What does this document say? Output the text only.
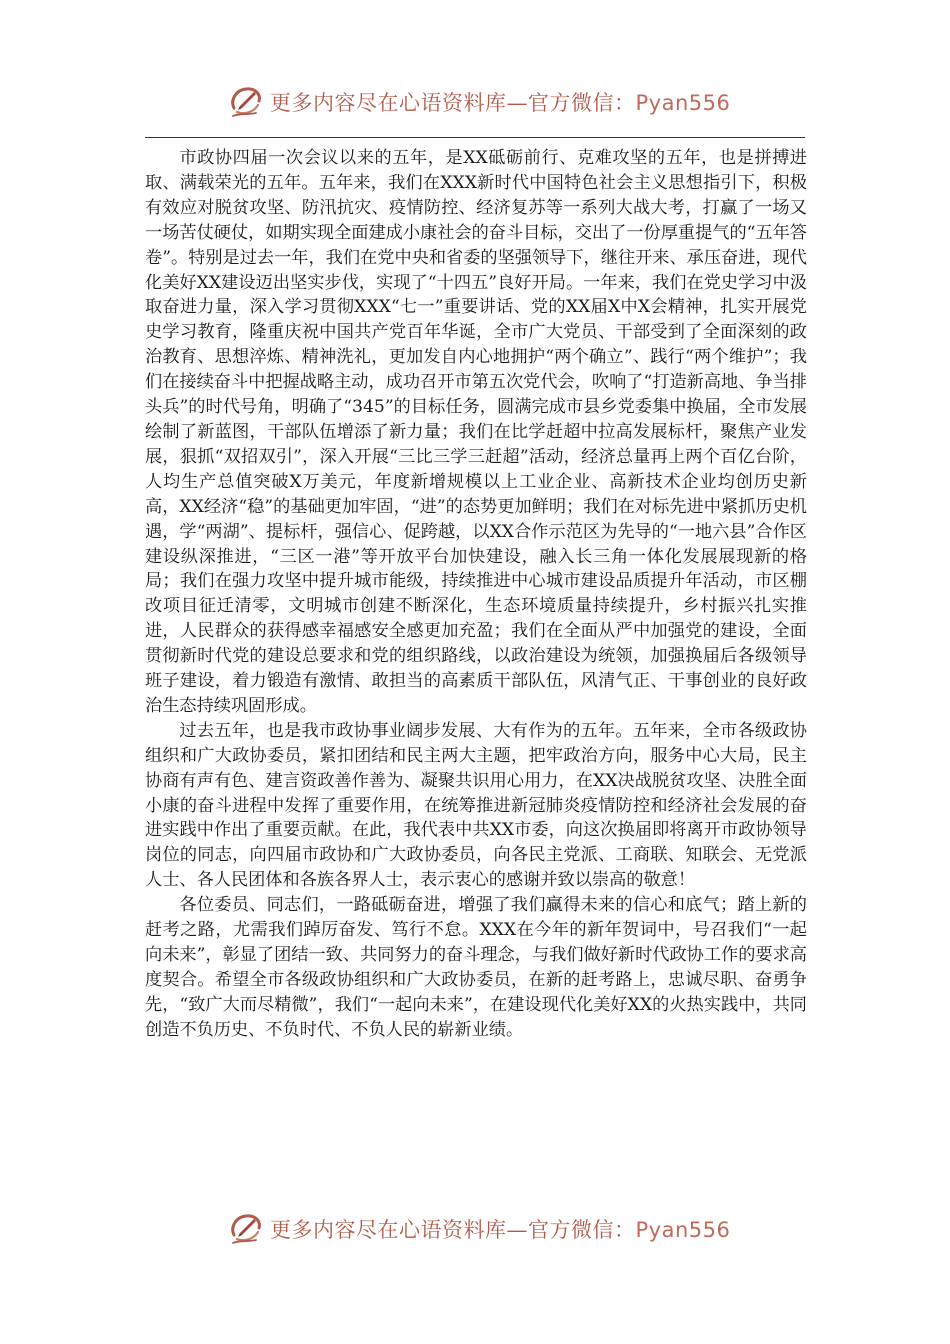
更多内容尽在心语资料库—官方微信：Pyan556

市政协四届一次会议以来的五年，是XX砥砺前行、克难攻坚的五年，也是拼搏进取、满载荣光的五年。五年来，我们在XXX新时代中国特色社会主义思想指引下，积极有效应对脱贫攻坚、防汛抗灾、疫情防控、经济复苏等一系列大战大考，打赢了一场又一场苦仗硬仗，如期实现全面建成小康社会的奋斗目标，交出了一份厚重提气的“五年答卷”。特别是过去一年，我们在党中央和省委的坚强领导下，继往开来、承压奋进，现代化美好XX建设迈出坚实步伐，实现了“十四五”良好开局。一年来，我们在党史学习中汲取奋进力量，深入学习贯彻XXX“七一”重要讲话、党的XX届X中X会精神，扎实开展党史学习教育，隆重庆祝中国共产党百年华诞，全市广大党员、干部受到了全面深刻的政治教育、思想淬炼、精神洗礼，更加发自内心地拥护“两个确立”、践行“两个维护”；我们在接续奋斗中把握战略主动，成功召开市第五次党代会，吹响了“打造新高地、争当排头兵”的时代号角，明确了“345”的目标任务，圆满完成市县乡党委集中换届，全市发展绘制了新蓝图，干部队伍增添了新力量；我们在比学赶超中拉高发展标杆，聚焦产业发展，狠抓“双招双引”，深入开展“三比三学三赶超”活动，经济总量再上两个百亿台阶，人均生产总值突破X万美元，年度新增规模以上工业企业、高新技术企业均创历史新高，XX经济“稳”的基础更加牢固，“进”的态势更加鲜明；我们在对标先进中紧抓历史机遇，学“两湖”、提标杆，强信心、促跨越，以XX合作示范区为先导的“一地六县”合作区建设纵深推进，“三区一港”等开放平台加快建设，融入长三角一体化发展展现新的格局；我们在强力攻坚中提升城市能级，持续推进中心城市建设品质提升年活动，市区棚改项目征迁清零，文明城市创建不断深化，生态环境质量持续提升，乡村振兴扎实推进，人民群众的获得感幸福感安全感更加充盈；我们在全面从严中加强党的建设，全面贯彻新时代党的建设总要求和党的组织路线，以政治建设为统领，加强换届后各级领导班子建设，着力锻造有激情、敢担当的高素质干部队伍，风清气正、干事创业的良好政治生态持续巩固形成。

过去五年，也是我市政协事业阔步发展、大有作为的五年。五年来，全市各级政协组织和广大政协委员，紧扣团结和民主两大主题，把牢政治方向，服务中心大局，民主协商有声有色、建言资政善作善为、凝聚共识用心用力，在XX决战脱贫攻坚、决胜全面小康的奋斗进程中发挥了重要作用，在统筹推进新冠肺炎疫情防控和经济社会发展的奋进实践中作出了重要贡献。在此，我代表中共XX市委，向这次换届即将离开市政协领导岗位的同志，向四届市政协和广大政协委员，向各民主党派、工商联、知联会、无党派人士、各人民团体和各族各界人士，表示衷心的感谢并致以崇高的敬意！

各位委员、同志们，一路砥砺奋进，增强了我们赢得未来的信心和底气；踏上新的赶考之路，尤需我们踔厉奋发、笃行不怠。XXX在今年的新年贺词中，号召我们“一起向未来”，彰显了团结一致、共同努力的奋斗理念，与我们做好新时代政协工作的要求高度契合。希望全市各级政协组织和广大政协委员，在新的赶考路上，忠诚尽职、奋勇争先，“致广大而尽精微”，我们“一起向未来”，在建设现代化美好XX的火热实践中，共同创造不负历史、不负时代、不负人民的崭新业绩。

更多内容尽在心语资料库—官方微信：Pyan556
